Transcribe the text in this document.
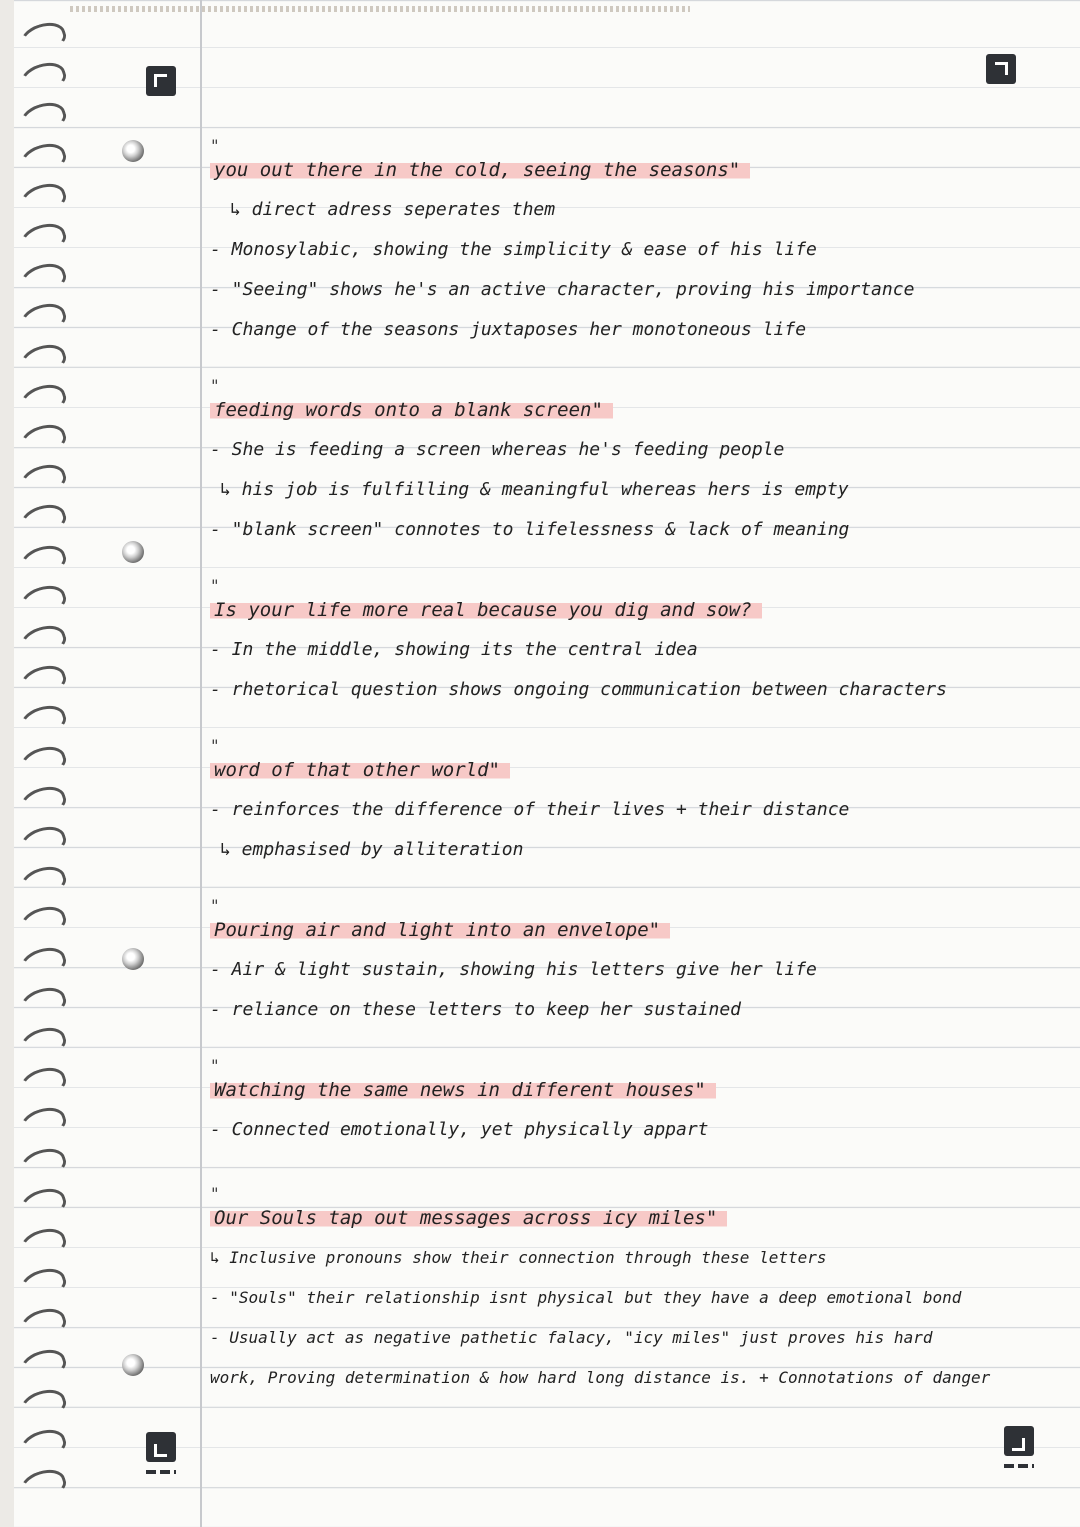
"
you out there in the cold, seeing the seasons"
↳ direct adress seperates them
- Monosylabic, showing the simplicity & ease of his life
- "Seeing" shows he's an active character, proving his importance
- Change of the seasons juxtaposes her monotoneous life
"
feeding words onto a blank screen"
- She is feeding a screen whereas he's feeding people
↳ his job is fulfilling & meaningful whereas hers is empty
- "blank screen" connotes to lifelessness & lack of meaning
"
Is your life more real because you dig and sow?
- In the middle, showing its the central idea
- rhetorical question shows ongoing communication between characters
"
word of that other world"
- reinforces the difference of their lives + their distance
↳ emphasised by alliteration
"
Pouring air and light into an envelope"
- Air & light sustain, showing his letters give her life
- reliance on these letters to keep her sustained
"
Watching the same news in different houses"
- Connected emotionally, yet physically appart
"
Our Souls tap out messages across icy miles"
↳ Inclusive pronouns show their connection through these letters
- "Souls" their relationship isnt physical but they have a deep emotional bond
- Usually act as negative pathetic falacy, "icy miles" just proves his hard
work, Proving determination & how hard long distance is. + Connotations of danger
